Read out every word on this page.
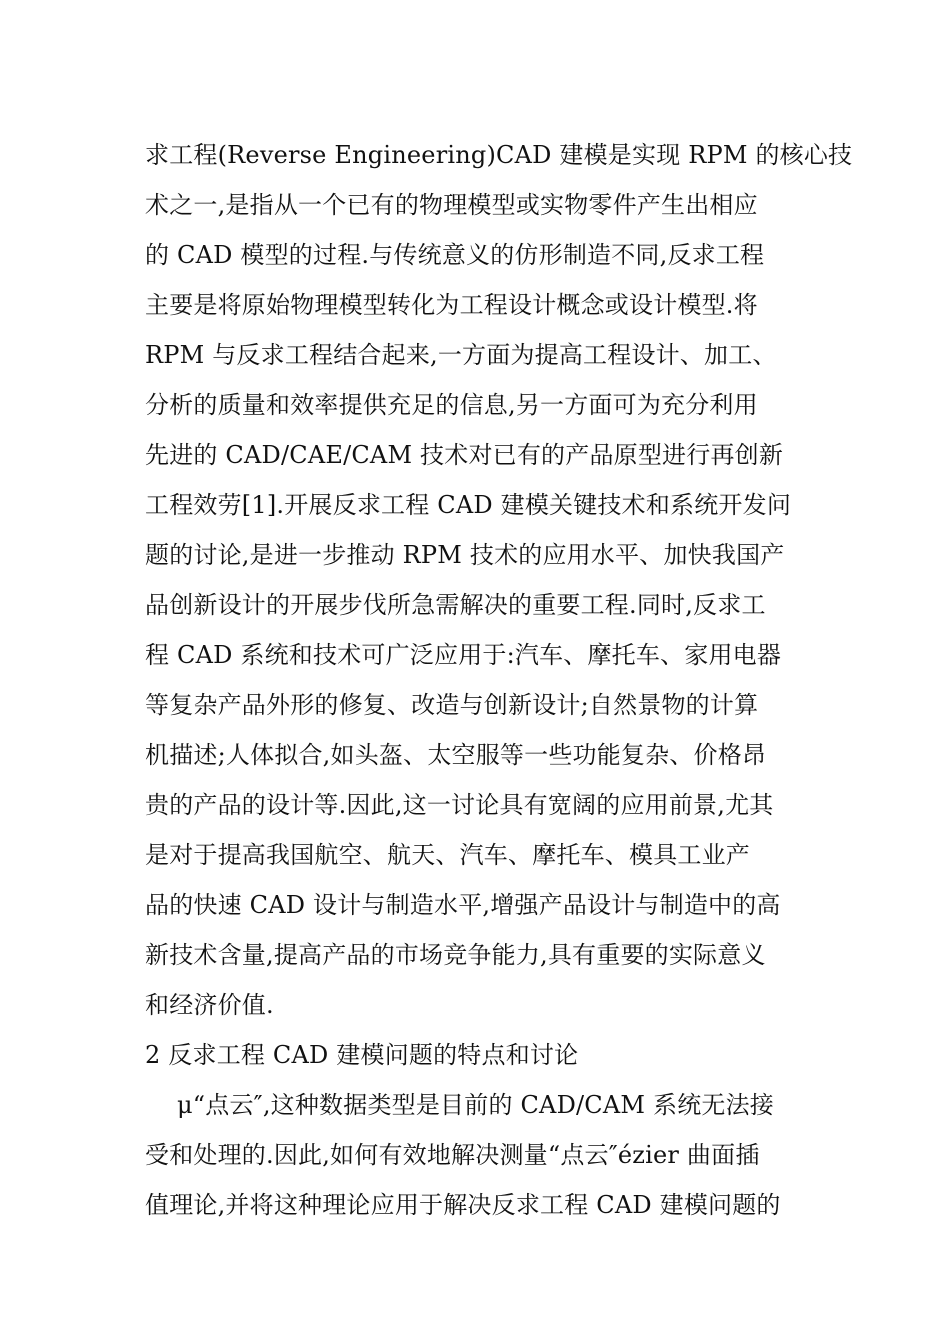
求工程(Reverse Engineering)CAD 建模是实现 RPM 的核心技
术之一,是指从一个已有的物理模型或实物零件产生出相应
的 CAD 模型的过程.与传统意义的仿形制造不同,反求工程
主要是将原始物理模型转化为工程设计概念或设计模型.将
RPM 与反求工程结合起来,一方面为提高工程设计、加工、
分析的质量和效率提供充足的信息,另一方面可为充分利用
先进的 CAD/CAE/CAM 技术对已有的产品原型进行再创新
工程效劳[1].开展反求工程 CAD 建模关键技术和系统开发问
题的讨论,是进一步推动 RPM 技术的应用水平、加快我国产
品创新设计的开展步伐所急需解决的重要工程.同时,反求工
程 CAD 系统和技术可广泛应用于:汽车、摩托车、家用电器
等复杂产品外形的修复、改造与创新设计;自然景物的计算
机描述;人体拟合,如头盔、太空服等一些功能复杂、价格昂
贵的产品的设计等.因此,这一讨论具有宽阔的应用前景,尤其
是对于提高我国航空、航天、汽车、摩托车、模具工业产
品的快速 CAD 设计与制造水平,增强产品设计与制造中的高
新技术含量,提高产品的市场竞争能力,具有重要的实际意义
和经济价值.
2 反求工程 CAD 建模问题的特点和讨论
μ“点云″,这种数据类型是目前的 CAD/CAM 系统无法接
受和处理的.因此,如何有效地解决测量“点云″ézier 曲面插
值理论,并将这种理论应用于解决反求工程 CAD 建模问题的
